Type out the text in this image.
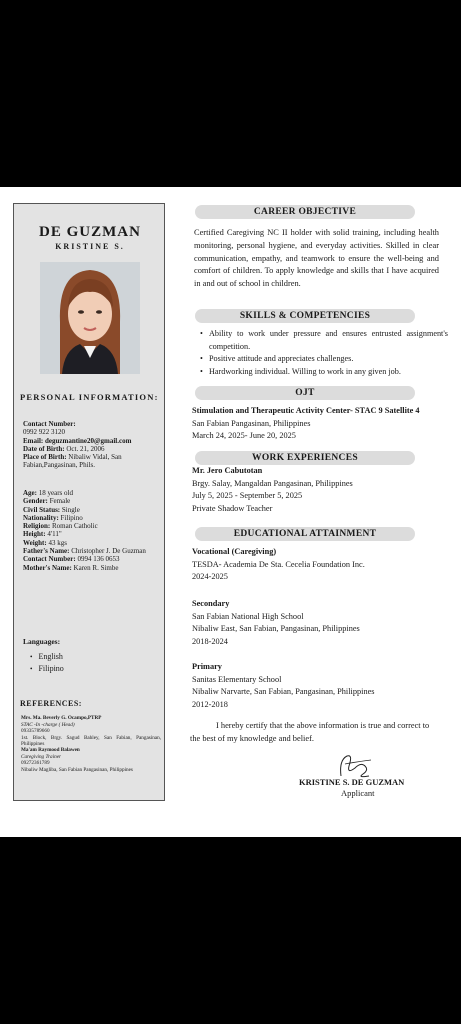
DE GUZMAN
KRISTINE S.
PERSONAL INFORMATION:
Contact Number:
0992 922 3120
Email: deguzmantine20@gmail.com
Date of Birth: Oct. 21, 2006
Place of Birth: Nibaliw Vidal, San Fabian,Pangasinan, Phils.
Age: 18 years old
Gender: Female
Civil Status: Single
Nationality: Filipino
Religion: Roman Catholic
Height: 4'11"
Weight: 43 kgs
Father's Name: Christopher J. De Guzman
Contact Number: 0994 136 0653
Mother's Name: Karen R. Simbe
Languages:
• English
• Filipino
REFERENCES:
Mrs. Ma. Beverly G. Ocampo,PTRP
STAC -In -charge ( Head)
09335789660
1st. Block, Brgy. Sagud Bahley, San Fabian, Pangasinan, Philippines
Ma'am Raymood Balawen
Caregiving Trainer
09272361789
Nibaliw Magliba, San Fabian Pangasinan, Philippines
CAREER OBJECTIVE
Certified Caregiving NC II holder with solid training, including health monitoring, personal hygiene, and everyday activities. Skilled in clear communication, empathy, and teamwork to ensure the well-being and comfort of children. To apply knowledge and skills that I have acquired in and out of school in children.
SKILLS & COMPETENCIES
• Ability to work under pressure and ensures entrusted assignment's competition.
• Positive attitude and appreciates challenges.
• Hardworking individual. Willing to work in any given job.
OJT
Stimulation and Therapeutic Activity Center- STAC 9 Satellite 4
San Fabian Pangasinan, Philippines
March 24, 2025- June 20, 2025
WORK EXPERIENCES
Mr. Jero Cabutotan
Brgy. Salay, Mangaldan Pangasinan, Philippines
July 5, 2025 - September 5, 2025
Private Shadow Teacher
EDUCATIONAL ATTAINMENT
Vocational (Caregiving)
TESDA- Academia De Sta. Cecelia Foundation Inc.
2024-2025
Secondary
San Fabian National High School
Nibaliw East, San Fabian, Pangasinan, Philippines
2018-2024
Primary
Sanitas Elementary School
Nibaliw Narvarte, San Fabian, Pangasinan, Philippines
2012-2018
I hereby certify that the above information is true and correct to the best of my knowledge and belief.
KRISTINE S. DE GUZMAN
Applicant
